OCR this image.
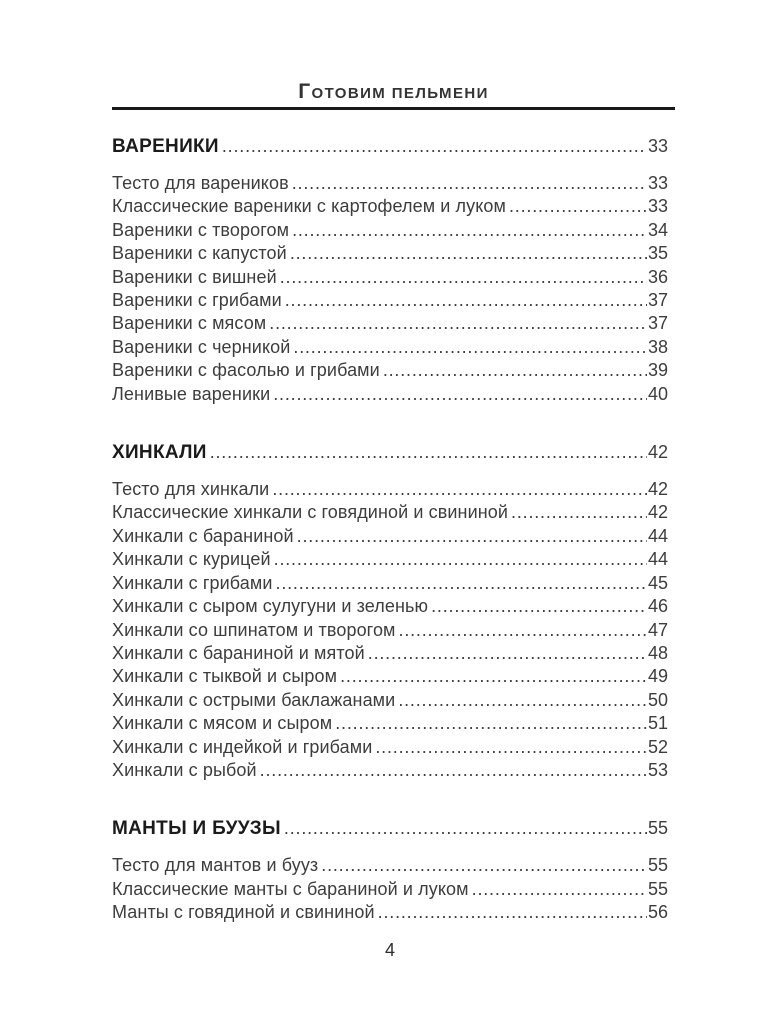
ГОТОВИМ ПЕЛЬМЕНИ
ВАРЕНИКИ .....	33
Тесто для вареников .....	33
Классические вареники с картофелем и луком .....	33
Вареники с творогом .....	34
Вареники с капустой .....	35
Вареники с вишней .....	36
Вареники с грибами .....	37
Вареники с мясом .....	37
Вареники с черникой .....	38
Вареники с фасолью и грибами .....	39
Ленивые вареники .....	40
ХИНКАЛИ .....	42
Тесто для хинкали .....	42
Классические хинкали с говядиной и свининой .....	42
Хинкали с бараниной .....	44
Хинкали с курицей .....	44
Хинкали с грибами .....	45
Хинкали с сыром сулугуни и зеленью .....	46
Хинкали со шпинатом и творогом .....	47
Хинкали с бараниной и мятой .....	48
Хинкали с тыквой и сыром .....	49
Хинкали с острыми баклажанами .....	50
Хинкали с мясом и сыром .....	51
Хинкали с индейкой и грибами .....	52
Хинкали с рыбой .....	53
МАНТЫ И БУУЗЫ .....	55
Тесто для мантов и бууз .....	55
Классические манты с бараниной и луком .....	55
Манты с говядиной и свининой .....	56
4
